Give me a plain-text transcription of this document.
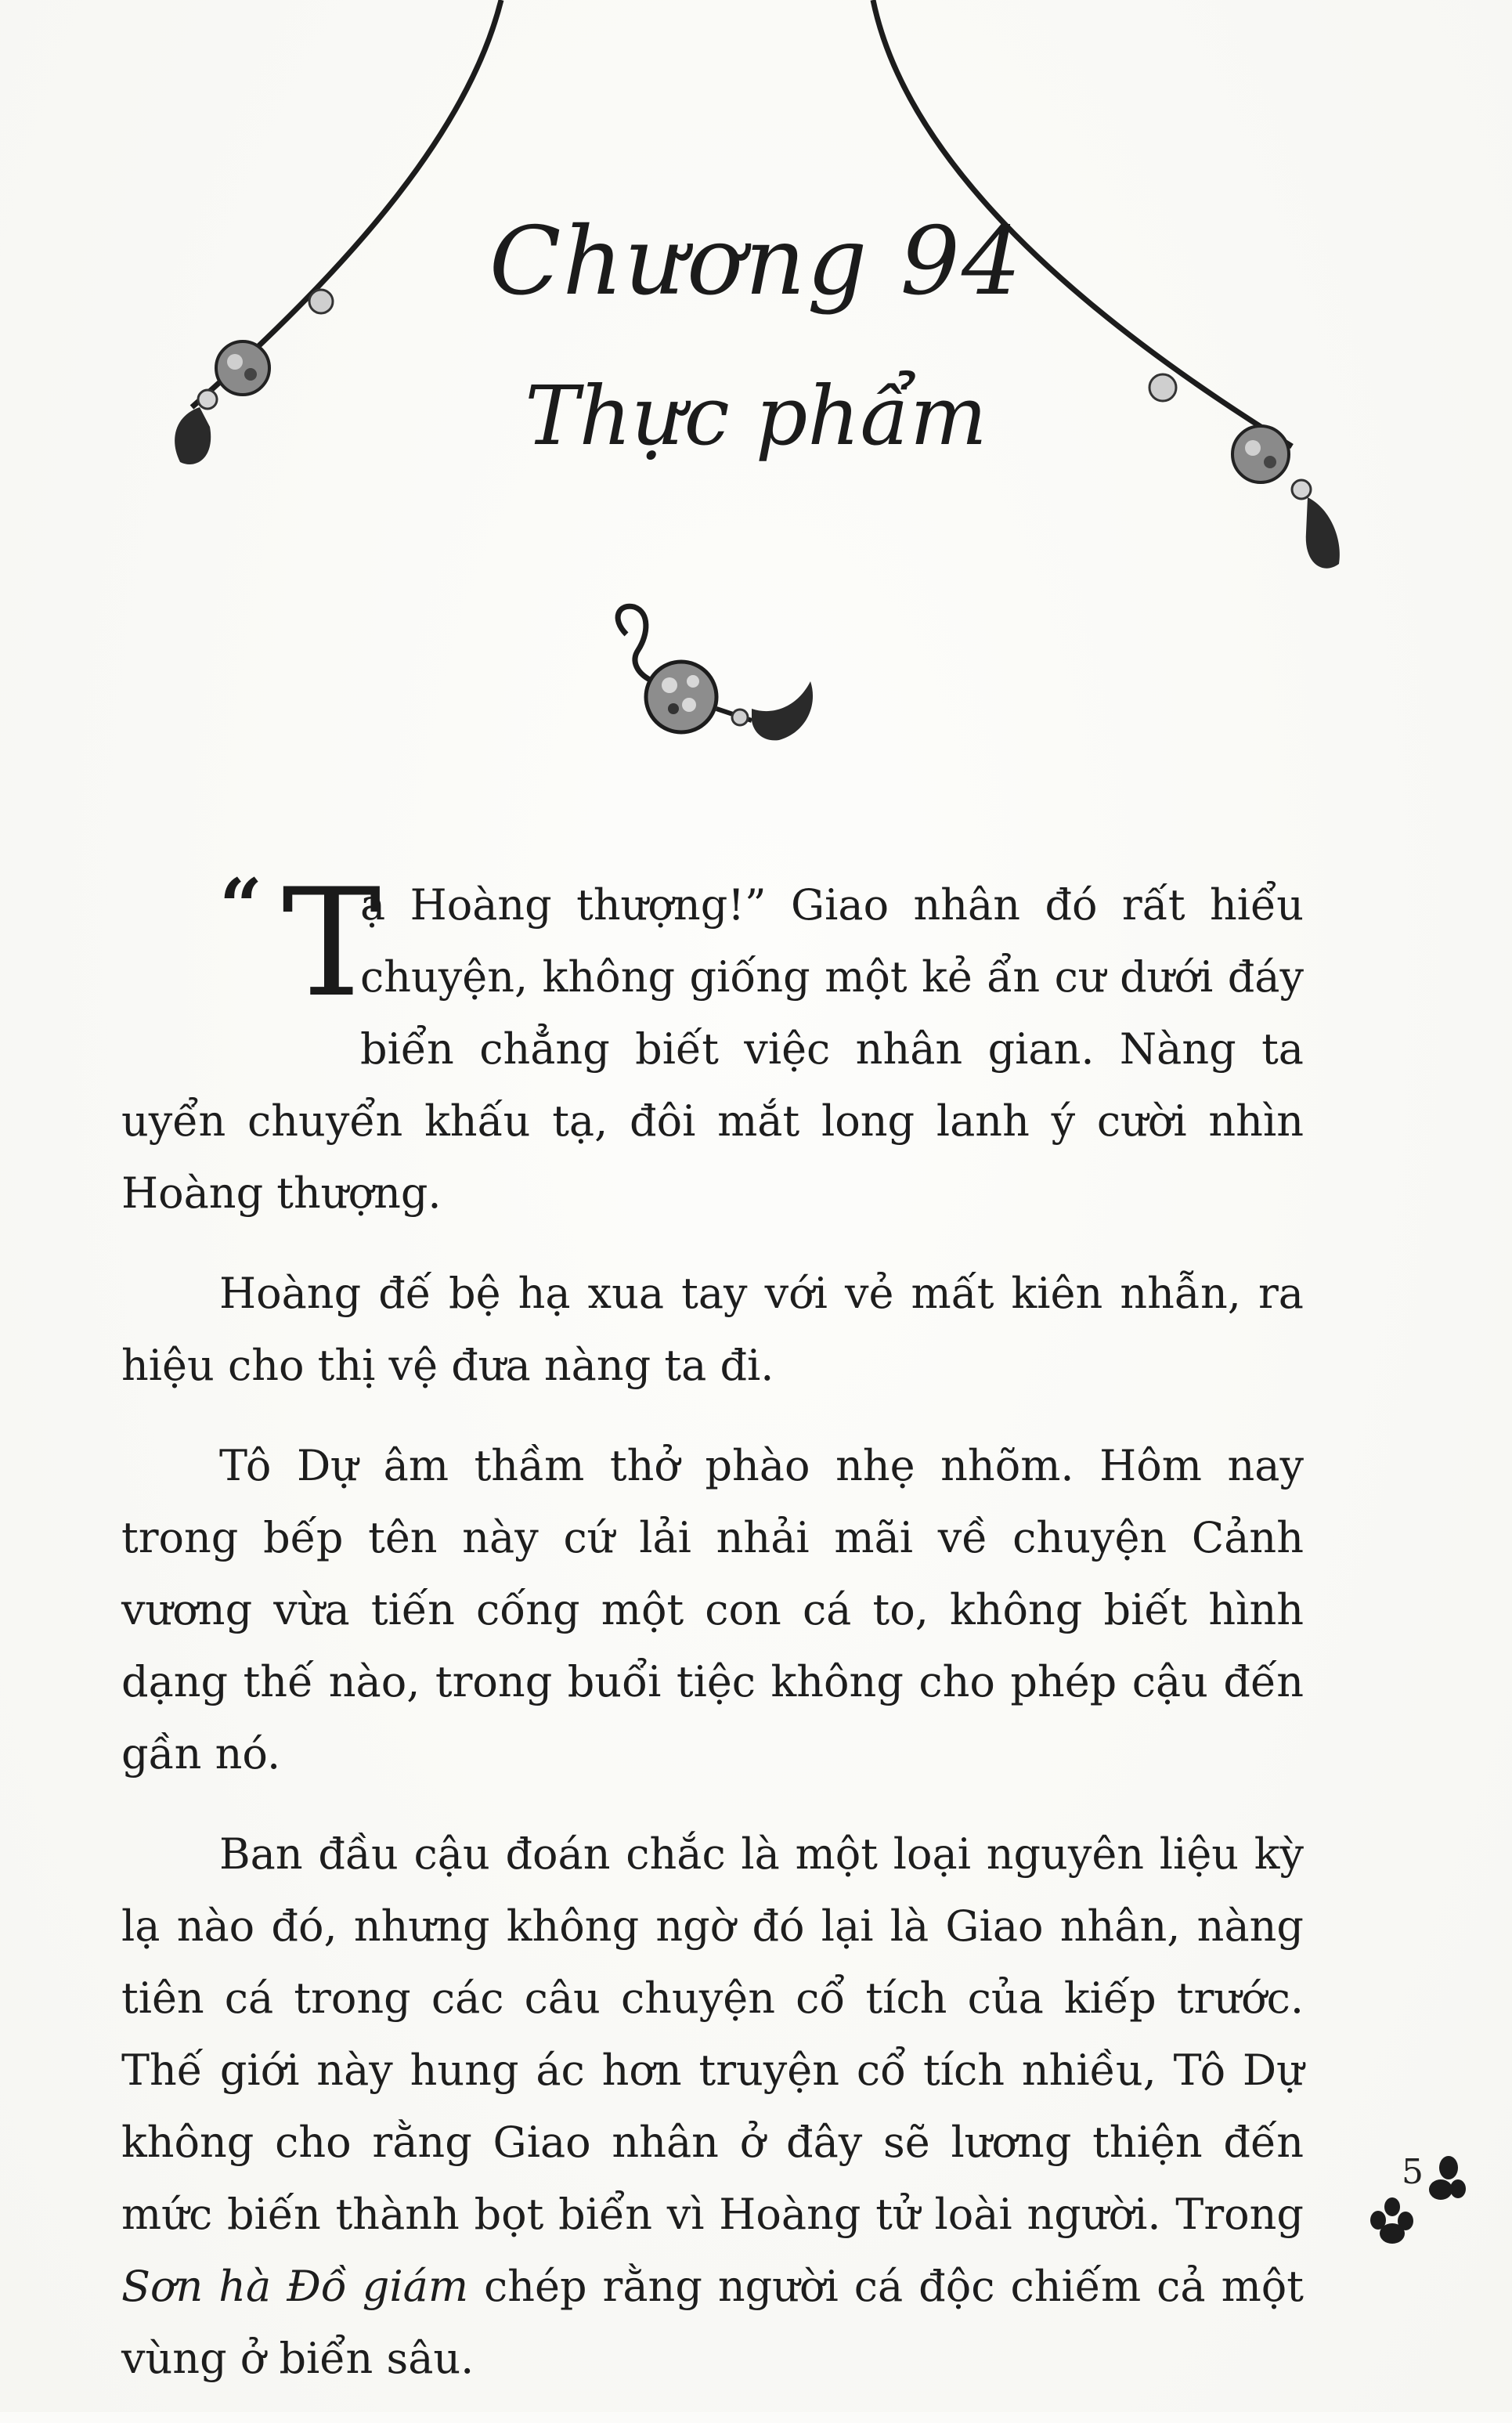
Chương 94
Thực phẩm

“ T
ạ Hoàng thượng!” Giao nhân đó rất hiểu chuyện, không giống một kẻ ẩn cư dưới đáy biển chẳng biết việc nhân gian. Nàng ta uyển chuyển khấu tạ, đôi mắt long lanh ý cười nhìn Hoàng thượng.

Hoàng đế bệ hạ xua tay với vẻ mất kiên nhẫn, ra hiệu cho thị vệ đưa nàng ta đi.

Tô Dự âm thầm thở phào nhẹ nhõm. Hôm nay trong bếp tên này cứ lải nhải mãi về chuyện Cảnh vương vừa tiến cống một con cá to, không biết hình dạng thế nào, trong buổi tiệc không cho phép cậu đến gần nó.

Ban đầu cậu đoán chắc là một loại nguyên liệu kỳ lạ nào đó, nhưng không ngờ đó lại là Giao nhân, nàng tiên cá trong các câu chuyện cổ tích của kiếp trước. Thế giới này hung ác hơn truyện cổ tích nhiều, Tô Dự không cho rằng Giao nhân ở đây sẽ lương thiện đến mức biến thành bọt biển vì Hoàng tử loài người. Trong Sơn hà Đồ giám chép rằng người cá độc chiếm cả một vùng ở biển sâu.

5
